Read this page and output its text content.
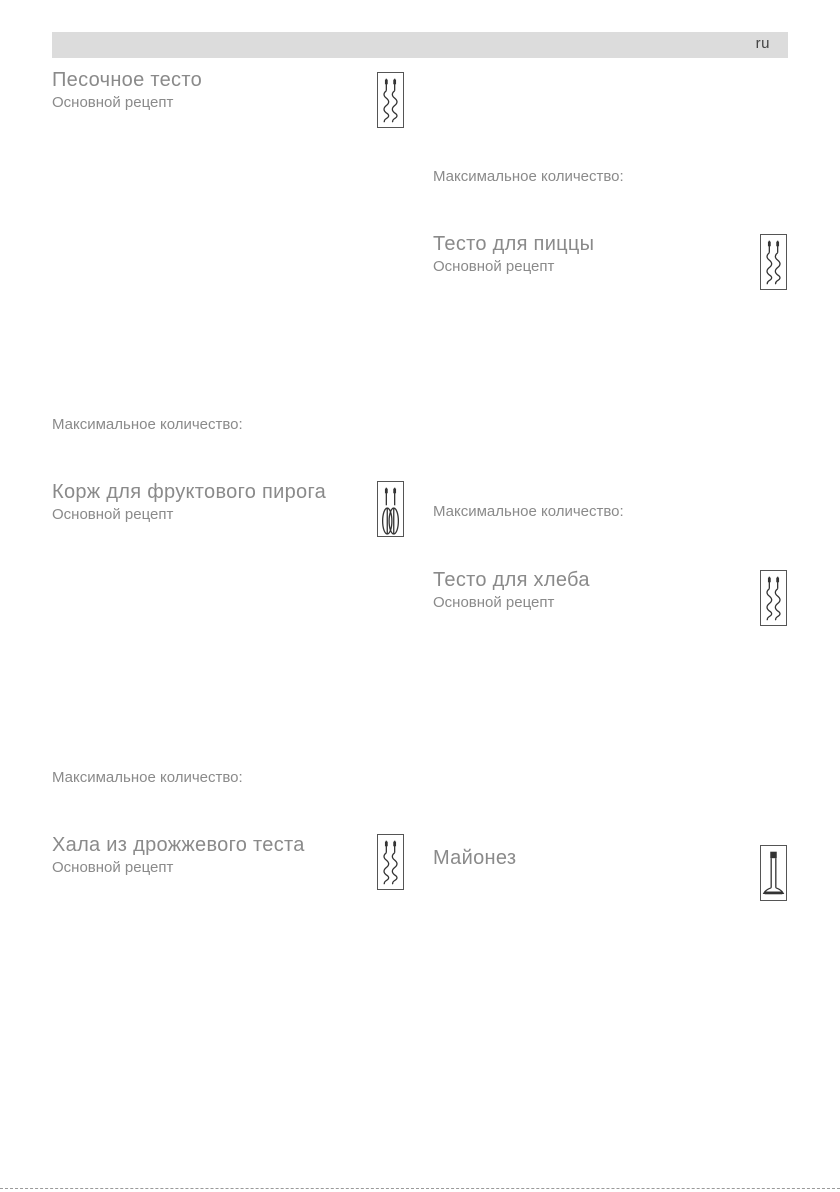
ru
Песочное тесто
Основной рецепт
Максимальное количество:
Корж для фруктового пирога
Основной рецепт
Максимальное количество:
Хала из дрожжевого теста
Основной рецепт
Максимальное количество:
Тесто для пиццы
Основной рецепт
Максимальное количество:
Тесто для хлеба
Основной рецепт
Майонез
